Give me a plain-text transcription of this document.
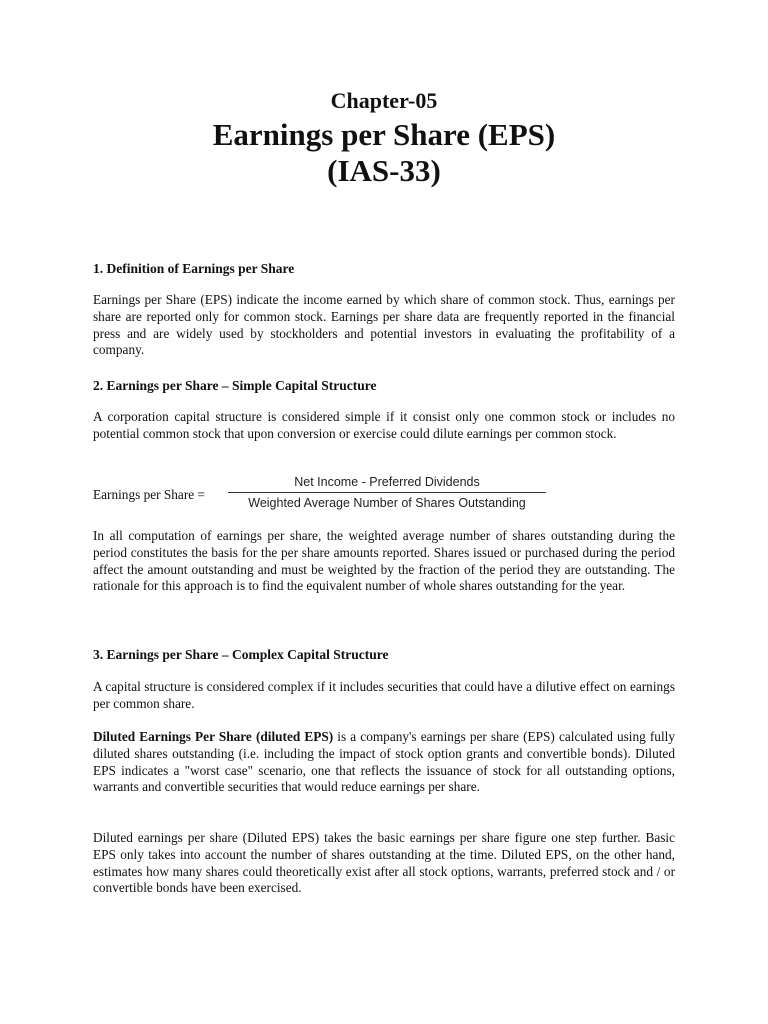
Chapter-05
Earnings per Share (EPS)
(IAS-33)

1. Definition of Earnings per Share

Earnings per Share (EPS) indicate the income earned by which share of common stock. Thus, earnings per share are reported only for common stock. Earnings per share data are frequently reported in the financial press and are widely used by stockholders and potential investors in evaluating the profitability of a company.

2. Earnings per Share – Simple Capital Structure

A corporation capital structure is considered simple if it consist only one common stock or includes no potential common stock that upon conversion or exercise could dilute earnings per common stock.

Earnings per Share =
Net Income - Preferred Dividends
Weighted Average Number of Shares Outstanding

In all computation of earnings per share, the weighted average number of shares outstanding during the period constitutes the basis for the per share amounts reported. Shares issued or purchased during the period affect the amount outstanding and must be weighted by the fraction of the period they are outstanding. The rationale for this approach is to find the equivalent number of whole shares outstanding for the year.

3. Earnings per Share – Complex Capital Structure

A capital structure is considered complex if it includes securities that could have a dilutive effect on earnings per common share.

Diluted Earnings Per Share (diluted EPS) is a company's earnings per share (EPS) calculated using fully diluted shares outstanding (i.e. including the impact of stock option grants and convertible bonds). Diluted EPS indicates a "worst case" scenario, one that reflects the issuance of stock for all outstanding options, warrants and convertible securities that would reduce earnings per share.

Diluted earnings per share (Diluted EPS) takes the basic earnings per share figure one step further. Basic EPS only takes into account the number of shares outstanding at the time. Diluted EPS, on the other hand, estimates how many shares could theoretically exist after all stock options, warrants, preferred stock and / or convertible bonds have been exercised.
